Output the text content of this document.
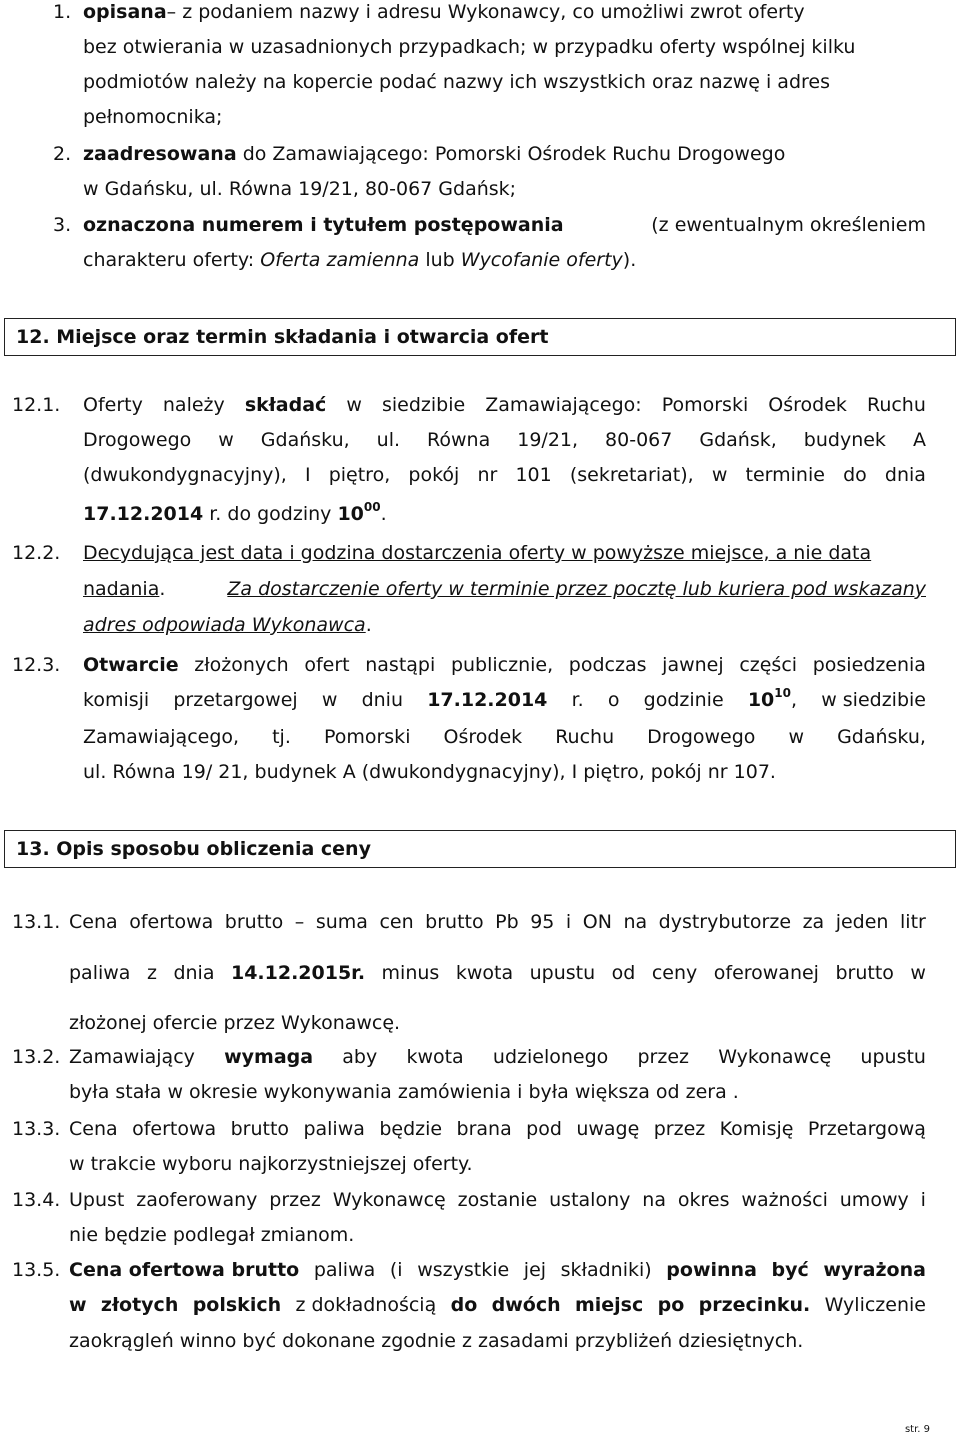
1. opisana– z podaniem nazwy i adresu Wykonawcy, co umożliwi zwrot oferty
bez otwierania w uzasadnionych przypadkach; w przypadku oferty wspólnej kilku
podmiotów należy na kopercie podać nazwy ich wszystkich oraz nazwę i adres
pełnomocnika;
2. zaadresowana do Zamawiającego: Pomorski Ośrodek Ruchu Drogowego
w Gdańsku, ul. Równa 19/21, 80-067 Gdańsk;
3. oznaczona numerem i tytułem postępowania	(z ewentualnym określeniem
charakteru oferty: Oferta zamienna lub Wycofanie oferty).
12. Miejsce oraz termin składania i otwarcia ofert
12.1. Oferty należy składać w siedzibie Zamawiającego: Pomorski Ośrodek Ruchu
Drogowego w Gdańsku, ul. Równa 19/21, 80-067 Gdańsk, budynek A
(dwukondygnacyjny), I piętro, pokój nr 101 (sekretariat), w terminie do dnia
17.12.2014 r. do godziny $10^{00}$.
12.2. Decydująca jest data i godzina dostarczenia oferty w powyższe miejsce, a nie data
nadania.	Za dostarczenie oferty w terminie przez pocztę lub kuriera pod wskazany
adres odpowiada Wykonawca.
12.3. Otwarcie złożonych ofert nastąpi publicznie, podczas jawnej części posiedzenia
komisji przetargowej w dniu 17.12.2014 r. o godzinie $10^{10}$, w siedzibie
Zamawiającego, tj. Pomorski Ośrodek Ruchu Drogowego w Gdańsku,
ul. Równa 19/ 21, budynek A (dwukondygnacyjny), I piętro, pokój nr 107.
13. Opis sposobu obliczenia ceny
13.1. Cena ofertowa brutto – suma cen brutto Pb 95 i ON na dystrybutorze za jeden litr
paliwa z dnia 14.12.2015r. minus kwota upustu od ceny oferowanej brutto w
złożonej ofercie przez Wykonawcę.
13.2. Zamawiający wymaga aby kwota udzielonego przez Wykonawcę upustu
była stała w okresie wykonywania zamówienia i była większa od zera .
13.3. Cena ofertowa brutto paliwa będzie brana pod uwagę przez Komisję Przetargową
w trakcie wyboru najkorzystniejszej oferty.
13.4. Upust zaoferowany przez Wykonawcę zostanie ustalony na okres ważności umowy i
nie będzie podlegał zmianom.
13.5. Cena ofertowa brutto paliwa (i wszystkie jej składniki) powinna być wyrażona
w złotych polskich z dokładnością do dwóch miejsc po przecinku. Wyliczenie
zaokrągleń winno być dokonane zgodnie z zasadami przybliżeń dziesiętnych.
str. 9
